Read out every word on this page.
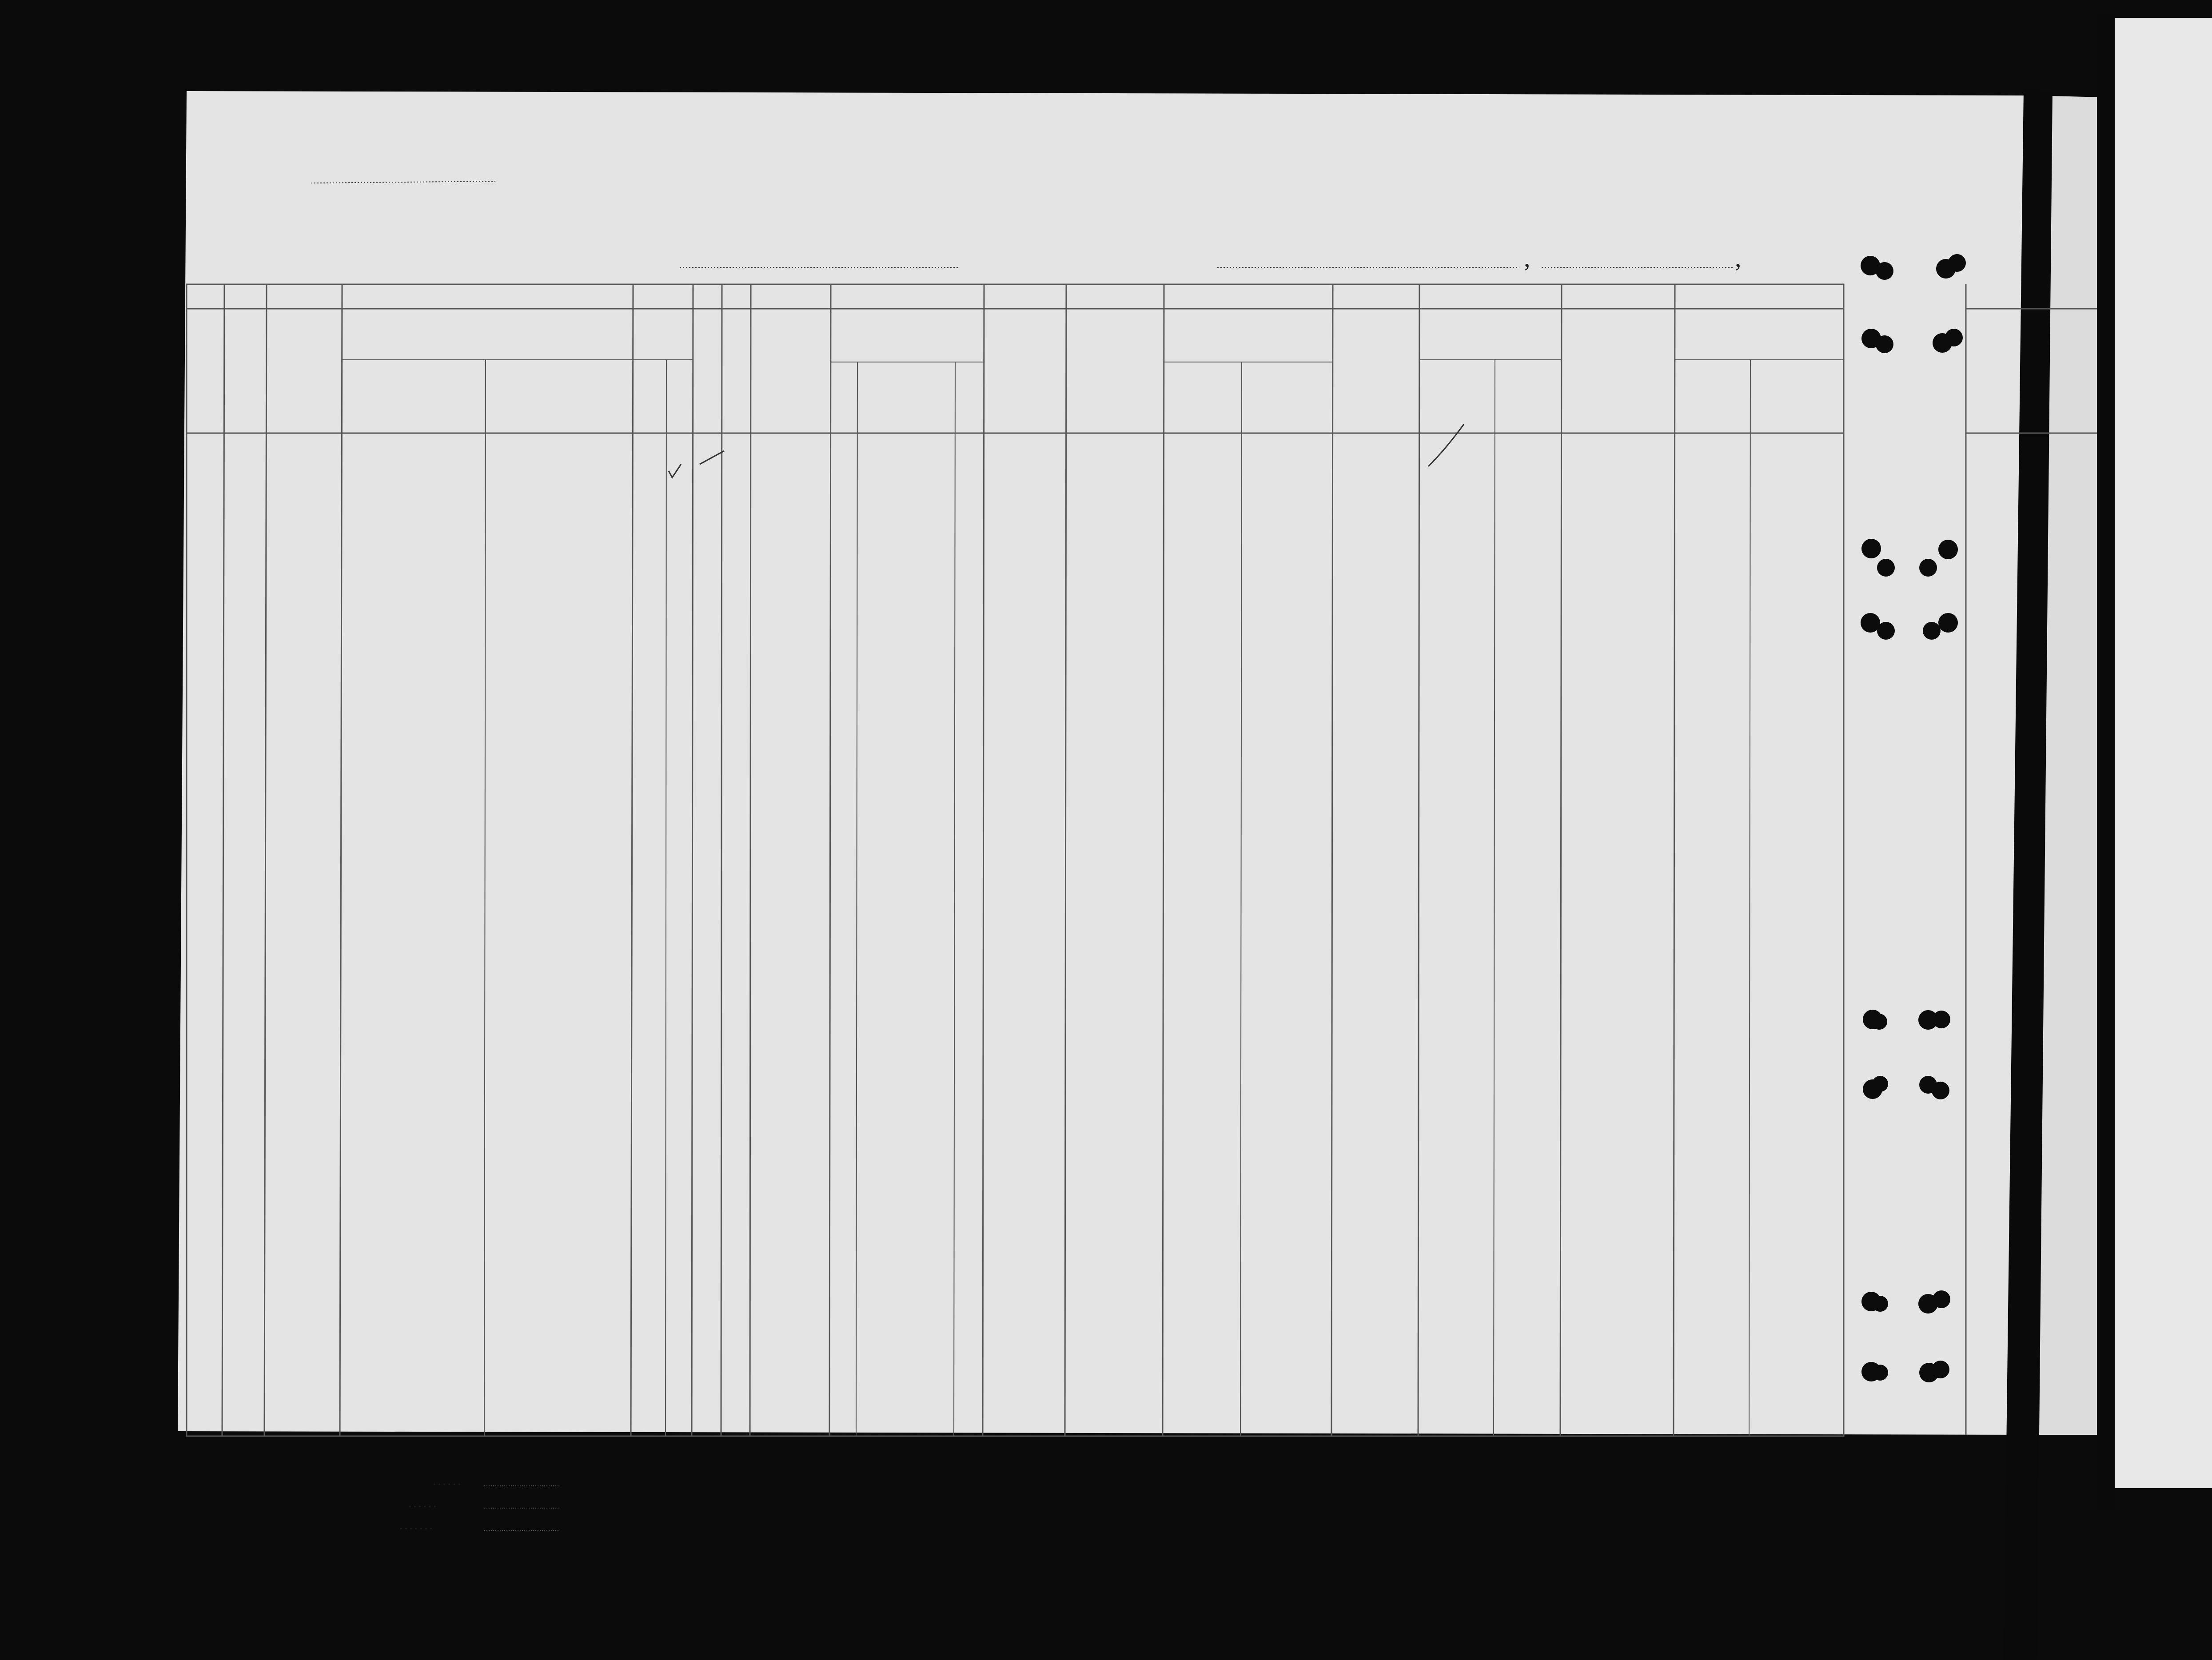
,	,
......
......
.......
